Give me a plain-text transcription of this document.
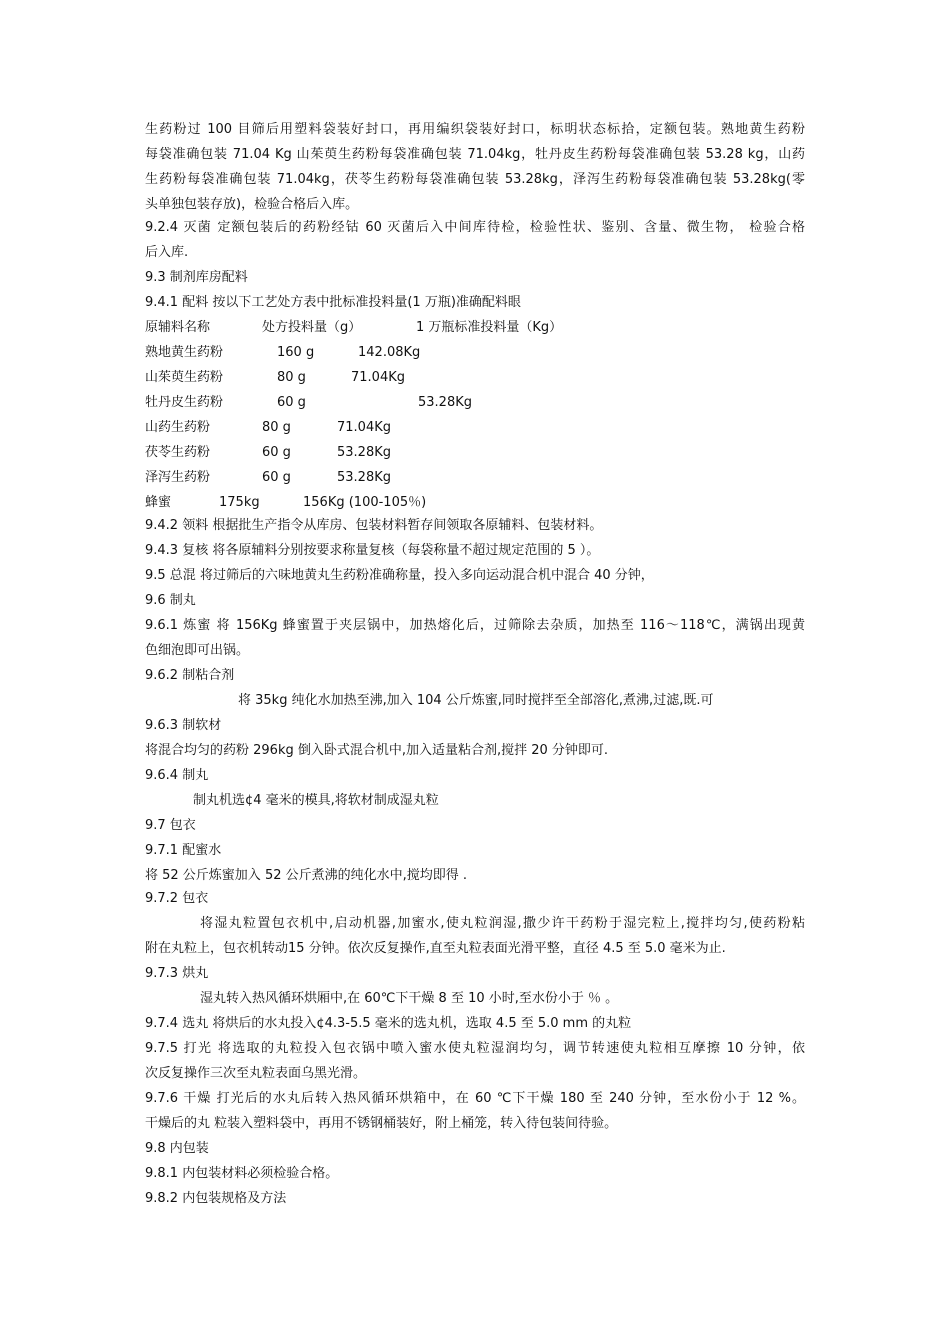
生药粉过 100 目筛后用塑料袋装好封口，再用编织袋装好封口，标明状态标拾，定额包装。熟地黄生药粉
每袋准确包装 71.04 Kg 山茱萸生药粉每袋准确包装 71.04kg，牡丹皮生药粉每袋准确包装 53.28 kg，山药
生药粉每袋准确包装 71.04kg，茯苓生药粉每袋准确包装 53.28kg，泽泻生药粉每袋准确包装 53.28kg(零
头单独包装存放)，检验合格后入库。
9.2.4 灭菌 定额包装后的药粉经钴 60 灭菌后入中间库待检，检验性状、鉴别、含量、微生物， 检验合格
后入库.
9.3 制剂库房配料
9.4.1 配料 按以下工艺处方表中批标准投料量(1 万瓶)准确配料眼
原辅料名称	处方投料量（g）	1 万瓶标准投料量（Kg）
熟地黄生药粉	160 g	142.08Kg
山茱萸生药粉	80 g	71.04Kg
牡丹皮生药粉	60 g	53.28Kg
山药生药粉	80 g	71.04Kg
茯苓生药粉	60 g	53.28Kg
泽泻生药粉	60 g	53.28Kg
蜂蜜	175kg	156Kg (100-105％)
9.4.2 领料 根据批生产指令从库房、包装材料暂存间领取各原辅料、包装材料。
9.4.3 复核 将各原辅料分别按要求称量复核（每袋称量不超过规定范围的 5 ）。
9.5 总混 将过筛后的六味地黄丸生药粉准确称量，投入多向运动混合机中混合 40 分钟，
9.6 制丸
9.6.1 炼蜜 将 156Kg 蜂蜜置于夹层锅中，加热熔化后，过筛除去杂质，加热至 116～118℃，满锅出现黄
色细泡即可出锅。
9.6.2 制粘合剂
将 35kg 纯化水加热至沸,加入 104 公斤炼蜜,同时搅拌至全部溶化,煮沸,过滤,既.可
9.6.3 制软材
将混合均匀的药粉 296kg 倒入卧式混合机中,加入适量粘合剂,搅拌 20 分钟即可.
9.6.4 制丸
制丸机选¢4 毫米的模具,将软材制成湿丸粒
9.7 包衣
9.7.1 配蜜水
将 52 公斤炼蜜加入 52 公斤煮沸的纯化水中,搅均即得 .
9.7.2 包衣
将湿丸粒置包衣机中,启动机器,加蜜水,使丸粒润湿,撒少许干药粉于湿完粒上,搅拌均匀,使药粉粘
附在丸粒上，包衣机转动15 分钟。依次反复操作,直至丸粒表面光滑平整，直径 4.5 至 5.0 毫米为止.
9.7.3 烘丸
湿丸转入热风循环烘厢中,在 60℃下干燥 8 至 10 小时,至水份小于 ％ 。
9.7.4 选丸 将烘后的水丸投入¢4.3-5.5 毫米的选丸机，选取 4.5 至 5.0 mm 的丸粒
9.7.5 打光 将选取的丸粒投入包衣锅中喷入蜜水使丸粒湿润均匀，调节转速使丸粒相互摩擦 10 分钟，依
次反复操作三次至丸粒表面乌黑光滑。
9.7.6 干燥 打光后的水丸后转入热风循环烘箱中，在 60 ℃下干燥 180 至 240 分钟，至水份小于 12 %。
干燥后的丸 粒装入塑料袋中，再用不锈钢桶装好，附上桶笼，转入待包装间待验。
9.8 内包装
9.8.1 内包装材料必须检验合格。
9.8.2 内包装规格及方法
